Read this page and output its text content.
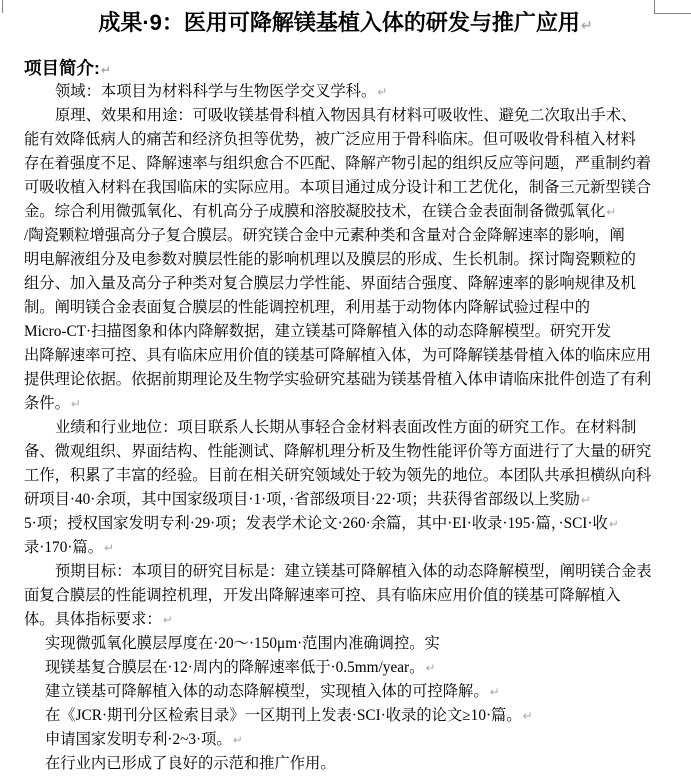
成果·9：医用可降解镁基植入体的研发与推广应用↵
项目简介:↵
领域：本项目为材料科学与生物医学交叉学科。↵
原理、效果和用途：可吸收镁基骨科植入物因具有材料可吸收性、避免二次取出手术、
能有效降低病人的痛苦和经济负担等优势，被广泛应用于骨科临床。但可吸收骨科植入材料
存在着强度不足、降解速率与组织愈合不匹配、降解产物引起的组织反应等问题，严重制约着
可吸收植入材料在我国临床的实际应用。本项目通过成分设计和工艺优化，制备三元新型镁合
金。综合利用微弧氧化、有机高分子成膜和溶胶凝胶技术，在镁合金表面制备微弧氧化↵
/陶瓷颗粒增强高分子复合膜层。研究镁合金中元素种类和含量对合金降解速率的影响，阐
明电解液组分及电参数对膜层性能的影响机理以及膜层的形成、生长机制。探讨陶瓷颗粒的
组分、加入量及高分子种类对复合膜层力学性能、界面结合强度、降解速率的影响规律及机
制。阐明镁合金表面复合膜层的性能调控机理，利用基于动物体内降解试验过程中的
Micro-CT·扫描图象和体内降解数据，建立镁基可降解植入体的动态降解模型。研究开发
出降解速率可控、具有临床应用价值的镁基可降解植入体，为可降解镁基骨植入体的临床应用
提供理论依据。依据前期理论及生物学实验研究基础为镁基骨植入体申请临床批件创造了有利
条件。↵
业绩和行业地位：项目联系人长期从事轻合金材料表面改性方面的研究工作。在材料制
备、微观组织、界面结构、性能测试、降解机理分析及生物性能评价等方面进行了大量的研究
工作，积累了丰富的经验。目前在相关研究领域处于较为领先的地位。本团队共承担横纵向科
研项目·40·余项，其中国家级项目·1·项，·省部级项目·22·项；共获得省部级以上奖励↵
5·项；授权国家发明专利·29·项；发表学术论文·260·余篇，其中·EI·收录·195·篇，·SCI·收↵
录·170·篇。↵
预期目标：本项目的研究目标是：建立镁基可降解植入体的动态降解模型，阐明镁合金表
面复合膜层的性能调控机理，开发出降解速率可控、具有临床应用价值的镁基可降解植入
体。具体指标要求：↵
实现微弧氧化膜层厚度在·20～·150μm·范围内准确调控。实
现镁基复合膜层在·12·周内的降解速率低于·0.5mm/year。↵
建立镁基可降解植入体的动态降解模型，实现植入体的可控降解。↵
在《JCR·期刊分区检索目录》一区期刊上发表·SCI·收录的论文≥10·篇。↵
申请国家发明专利·2~3·项。↵
在行业内已形成了良好的示范和推广作用。
